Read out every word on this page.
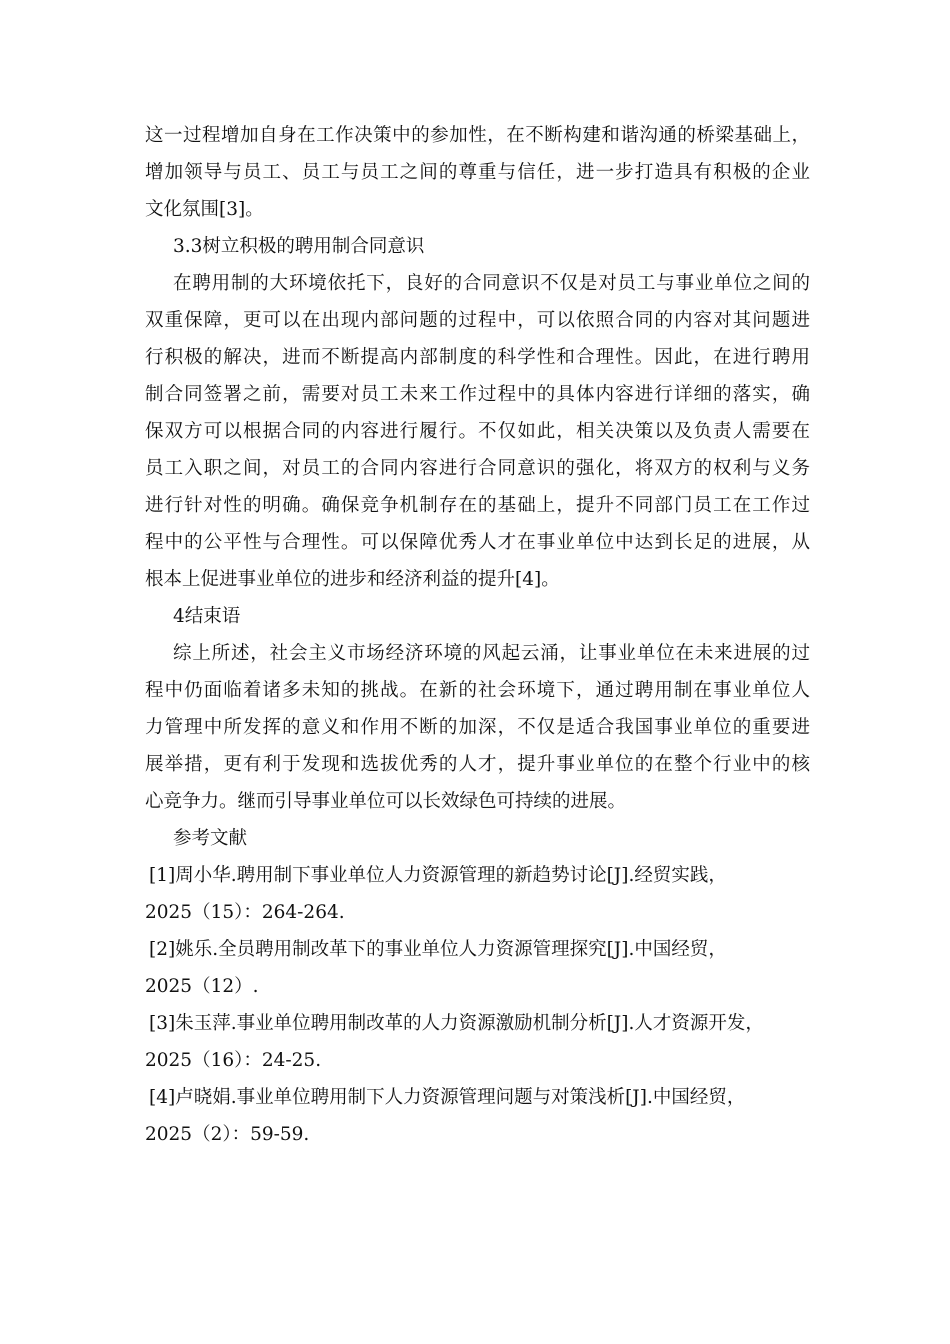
这一过程增加自身在工作决策中的参加性，在不断构建和谐沟通的桥梁基础上，
增加领导与员工、员工与员工之间的尊重与信任，进一步打造具有积极的企业
文化氛围[3]。
3.3树立积极的聘用制合同意识
在聘用制的大环境依托下，良好的合同意识不仅是对员工与事业单位之间的
双重保障，更可以在出现内部问题的过程中，可以依照合同的内容对其问题进
行积极的解决，进而不断提高内部制度的科学性和合理性。因此，在进行聘用
制合同签署之前，需要对员工未来工作过程中的具体内容进行详细的落实，确
保双方可以根据合同的内容进行履行。不仅如此，相关决策以及负责人需要在
员工入职之间，对员工的合同内容进行合同意识的强化，将双方的权利与义务
进行针对性的明确。确保竞争机制存在的基础上，提升不同部门员工在工作过
程中的公平性与合理性。可以保障优秀人才在事业单位中达到长足的进展，从
根本上促进事业单位的进步和经济利益的提升[4]。
4结束语
综上所述，社会主义市场经济环境的风起云涌，让事业单位在未来进展的过
程中仍面临着诸多未知的挑战。在新的社会环境下，通过聘用制在事业单位人
力管理中所发挥的意义和作用不断的加深，不仅是适合我国事业单位的重要进
展举措，更有利于发现和选拔优秀的人才，提升事业单位的在整个行业中的核
心竞争力。继而引导事业单位可以长效绿色可持续的进展。
参考文献
[1]周小华.聘用制下事业单位人力资源管理的新趋势讨论[J].经贸实践，
2025（15）：264-264.
[2]姚乐.全员聘用制改革下的事业单位人力资源管理探究[J].中国经贸，
2025（12）.
[3]朱玉萍.事业单位聘用制改革的人力资源激励机制分析[J].人才资源开发，
2025（16）：24-25.
[4]卢晓娟.事业单位聘用制下人力资源管理问题与对策浅析[J].中国经贸，
2025（2）：59-59.
